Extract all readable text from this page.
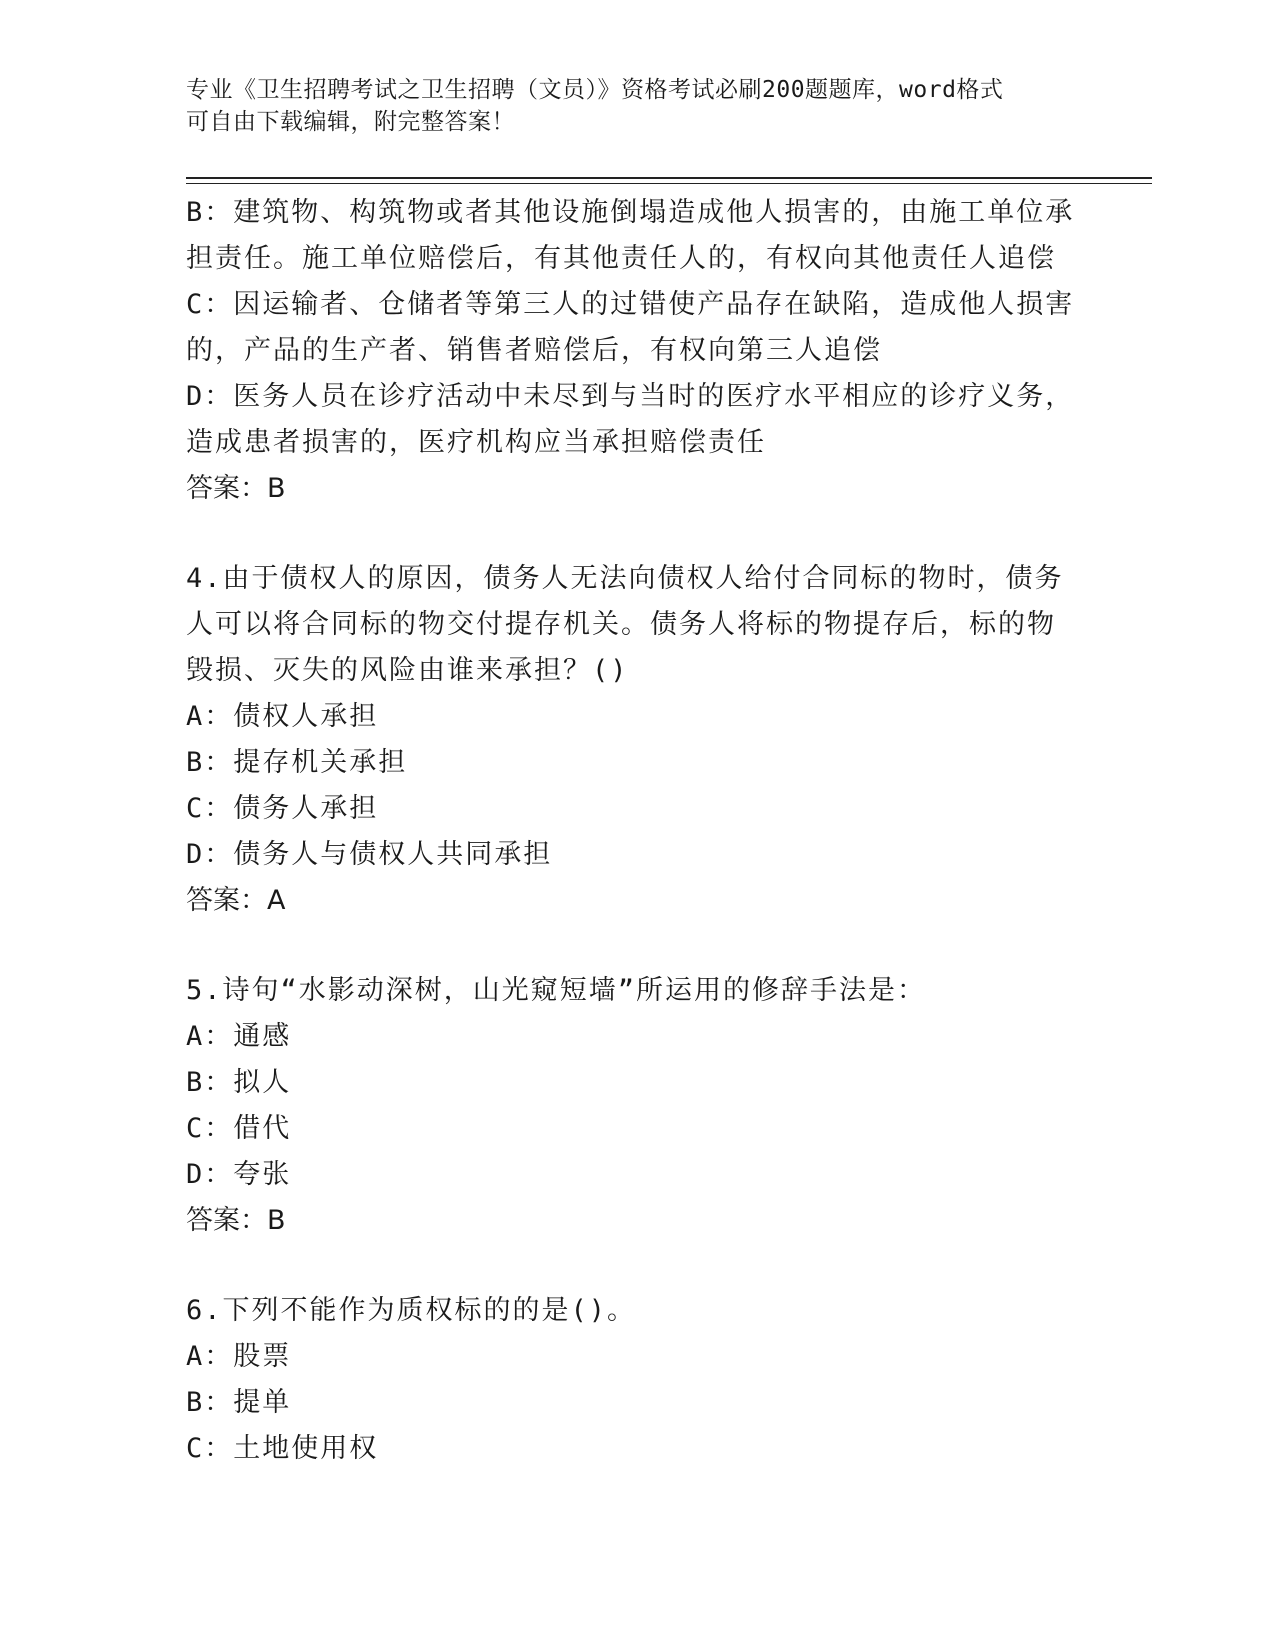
专业《卫生招聘考试之卫生招聘（文员）》资格考试必刷200题题库，word格式
可自由下载编辑，附完整答案！
B：建筑物、构筑物或者其他设施倒塌造成他人损害的，由施工单位承
担责任。施工单位赔偿后，有其他责任人的，有权向其他责任人追偿
C：因运输者、仓储者等第三人的过错使产品存在缺陷，造成他人损害
的，产品的生产者、销售者赔偿后，有权向第三人追偿
D：医务人员在诊疗活动中未尽到与当时的医疗水平相应的诊疗义务，
造成患者损害的，医疗机构应当承担赔偿责任
答案：B
4.由于债权人的原因，债务人无法向债权人给付合同标的物时，债务
人可以将合同标的物交付提存机关。债务人将标的物提存后，标的物
毁损、灭失的风险由谁来承担？()
A：债权人承担
B：提存机关承担
C：债务人承担
D：债务人与债权人共同承担
答案：A
5.诗句“水影动深树，山光窥短墙”所运用的修辞手法是：
A：通感
B：拟人
C：借代
D：夸张
答案：B
6.下列不能作为质权标的的是()。
A：股票
B：提单
C：土地使用权
